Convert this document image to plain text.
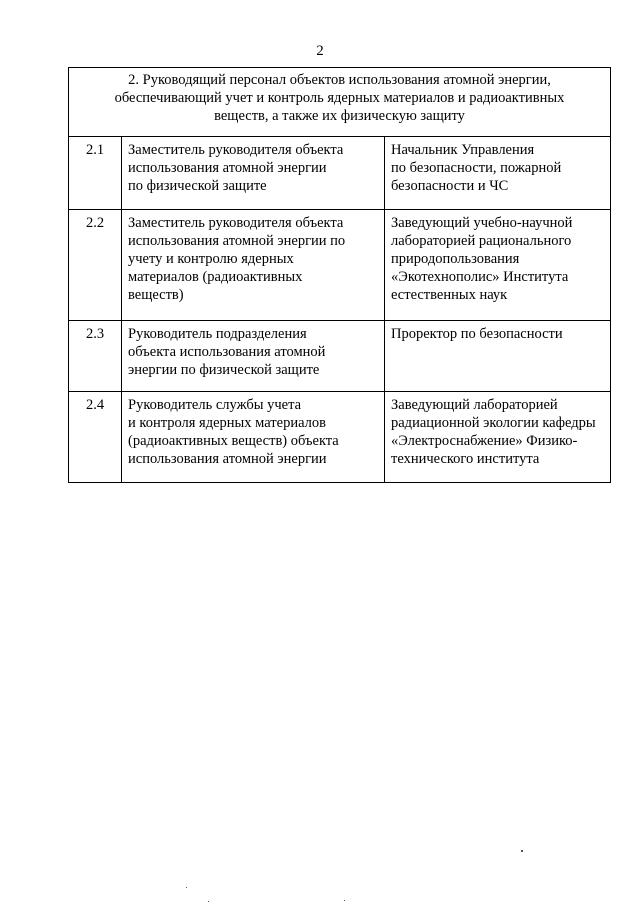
2
2. Руководящий персонал объектов использования атомной энергии,
обеспечивающий учет и контроль ядерных материалов и радиоактивных
веществ, а также их физическую защиту		

2.1	Заместитель руководителя объекта
использования атомной энергии
по физической защите	Начальник Управления
по безопасности, пожарной
безопасности и ЧС

2.2	Заместитель руководителя объекта
использования атомной энергии по
учету и контролю ядерных
материалов (радиоактивных
веществ)	Заведующий учебно-научной
лабораторией рационального
природопользования
«Экотехнополис» Института
естественных наук

2.3	Руководитель подразделения
объекта использования атомной
энергии по физической защите	Проректор по безопасности

2.4	Руководитель службы учета
и контроля ядерных материалов
(радиоактивных веществ) объекта
использования атомной энергии	Заведующий лабораторией
радиационной экологии кафедры
«Электроснабжение» Физико-
технического института
